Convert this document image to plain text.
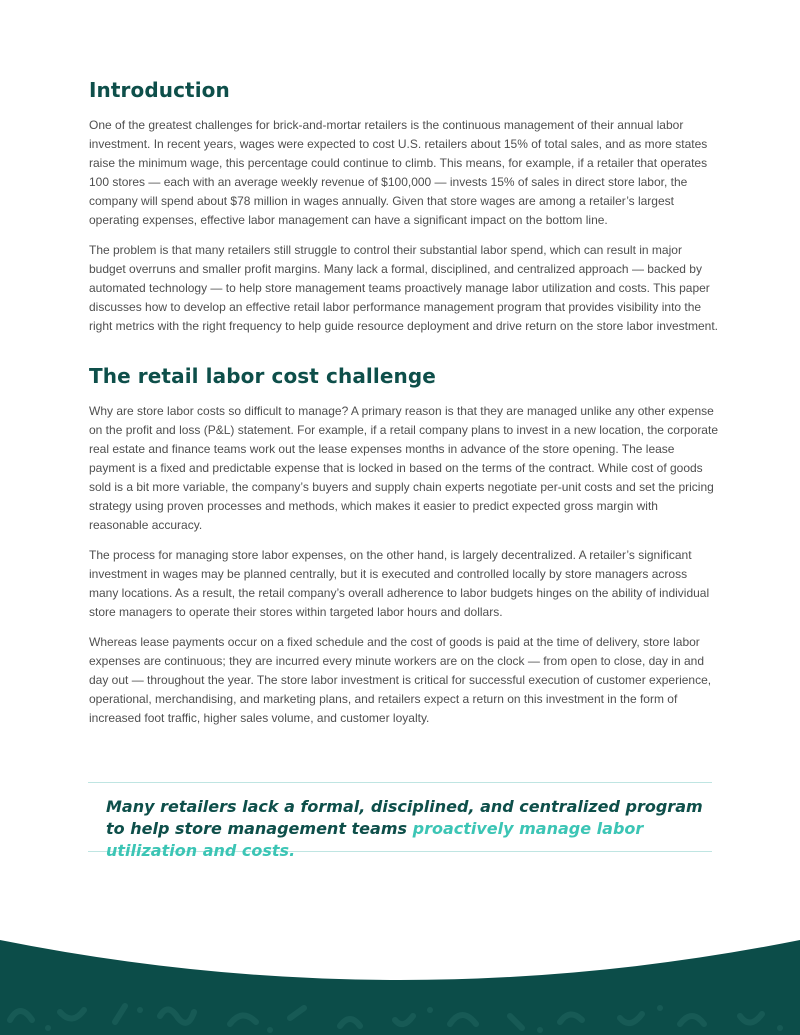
Introduction

One of the greatest challenges for brick-and-mortar retailers is the continuous management of their annual labor investment. In recent years, wages were expected to cost U.S. retailers about 15% of total sales, and as more states raise the minimum wage, this percentage could continue to climb. This means, for example, if a retailer that operates 100 stores — each with an average weekly revenue of $100,000 — invests 15% of sales in direct store labor, the company will spend about $78 million in wages annually. Given that store wages are among a retailer’s largest operating expenses, effective labor management can have a significant impact on the bottom line.

The problem is that many retailers still struggle to control their substantial labor spend, which can result in major budget overruns and smaller profit margins. Many lack a formal, disciplined, and centralized approach — backed by automated technology — to help store management teams proactively manage labor utilization and costs. This paper discusses how to develop an effective retail labor performance management program that provides visibility into the right metrics with the right frequency to help guide resource deployment and drive return on the store labor investment.

The retail labor cost challenge

Why are store labor costs so difficult to manage? A primary reason is that they are managed unlike any other expense on the profit and loss (P&L) statement. For example, if a retail company plans to invest in a new location, the corporate real estate and finance teams work out the lease expenses months in advance of the store opening. The lease payment is a fixed and predictable expense that is locked in based on the terms of the contract. While cost of goods sold is a bit more variable, the company’s buyers and supply chain experts negotiate per-unit costs and set the pricing strategy using proven processes and methods, which makes it easier to predict expected gross margin with reasonable accuracy.

The process for managing store labor expenses, on the other hand, is largely decentralized. A retailer’s significant investment in wages may be planned centrally, but it is executed and controlled locally by store managers across many locations. As a result, the retail company’s overall adherence to labor budgets hinges on the ability of individual store managers to operate their stores within targeted labor hours and dollars.

Whereas lease payments occur on a fixed schedule and the cost of goods is paid at the time of delivery, store labor expenses are continuous; they are incurred every minute workers are on the clock — from open to close, day in and day out — throughout the year. The store labor investment is critical for successful execution of customer experience, operational, merchandising, and marketing plans, and retailers expect a return on this investment in the form of increased foot traffic, higher sales volume, and customer loyalty.

Many retailers lack a formal, disciplined, and centralized program to help store management teams proactively manage labor utilization and costs.
